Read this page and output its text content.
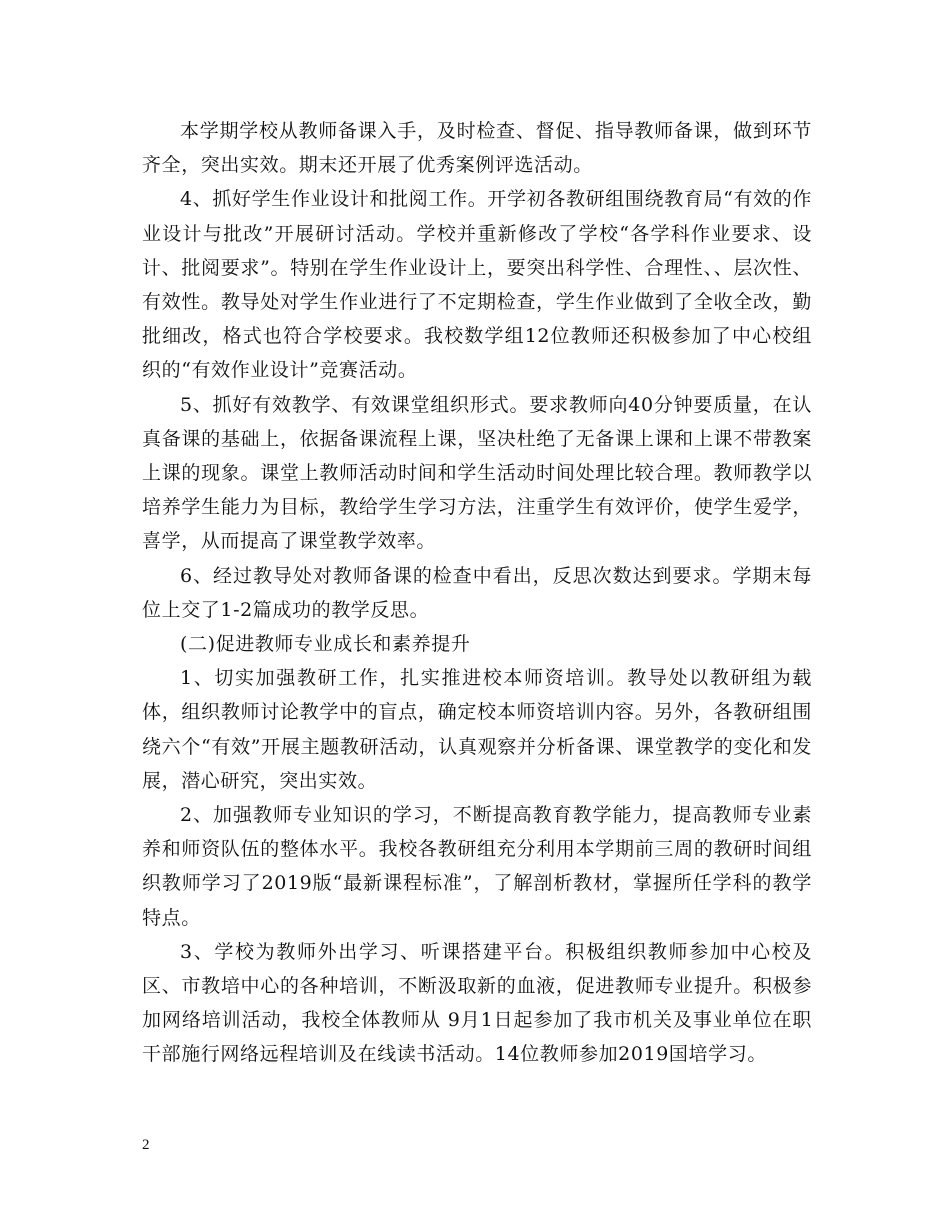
本学期学校从教师备课入手，及时检查、督促、指导教师备课，做到环节齐全，突出实效。期末还开展了优秀案例评选活动。

4、抓好学生作业设计和批阅工作。开学初各教研组围绕教育局“有效的作业设计与批改”开展研讨活动。学校并重新修改了学校“各学科作业要求、设计、批阅要求”。特别在学生作业设计上，要突出科学性、合理性、、层次性、有效性。教导处对学生作业进行了不定期检查，学生作业做到了全收全改，勤批细改，格式也符合学校要求。我校数学组12位教师还积极参加了中心校组织的“有效作业设计”竞赛活动。

5、抓好有效教学、有效课堂组织形式。要求教师向40分钟要质量，在认真备课的基础上，依据备课流程上课，坚决杜绝了无备课上课和上课不带教案上课的现象。课堂上教师活动时间和学生活动时间处理比较合理。教师教学以培养学生能力为目标，教给学生学习方法，注重学生有效评价，使学生爱学，喜学，从而提高了课堂教学效率。

6、经过教导处对教师备课的检查中看出，反思次数达到要求。学期末每位上交了1-2篇成功的教学反思。

(二)促进教师专业成长和素养提升

1、切实加强教研工作，扎实推进校本师资培训。教导处以教研组为载体，组织教师讨论教学中的盲点，确定校本师资培训内容。另外，各教研组围绕六个“有效”开展主题教研活动，认真观察并分析备课、课堂教学的变化和发展，潜心研究，突出实效。

2、加强教师专业知识的学习，不断提高教育教学能力，提高教师专业素养和师资队伍的整体水平。我校各教研组充分利用本学期前三周的教研时间组织教师学习了2019版“最新课程标准”，了解剖析教材，掌握所任学科的教学特点。

3、学校为教师外出学习、听课搭建平台。积极组织教师参加中心校及区、市教培中心的各种培训，不断汲取新的血液，促进教师专业提升。积极参加网络培训活动，我校全体教师从 9月1日起参加了我市机关及事业单位在职干部施行网络远程培训及在线读书活动。14位教师参加2019国培学习。

2
